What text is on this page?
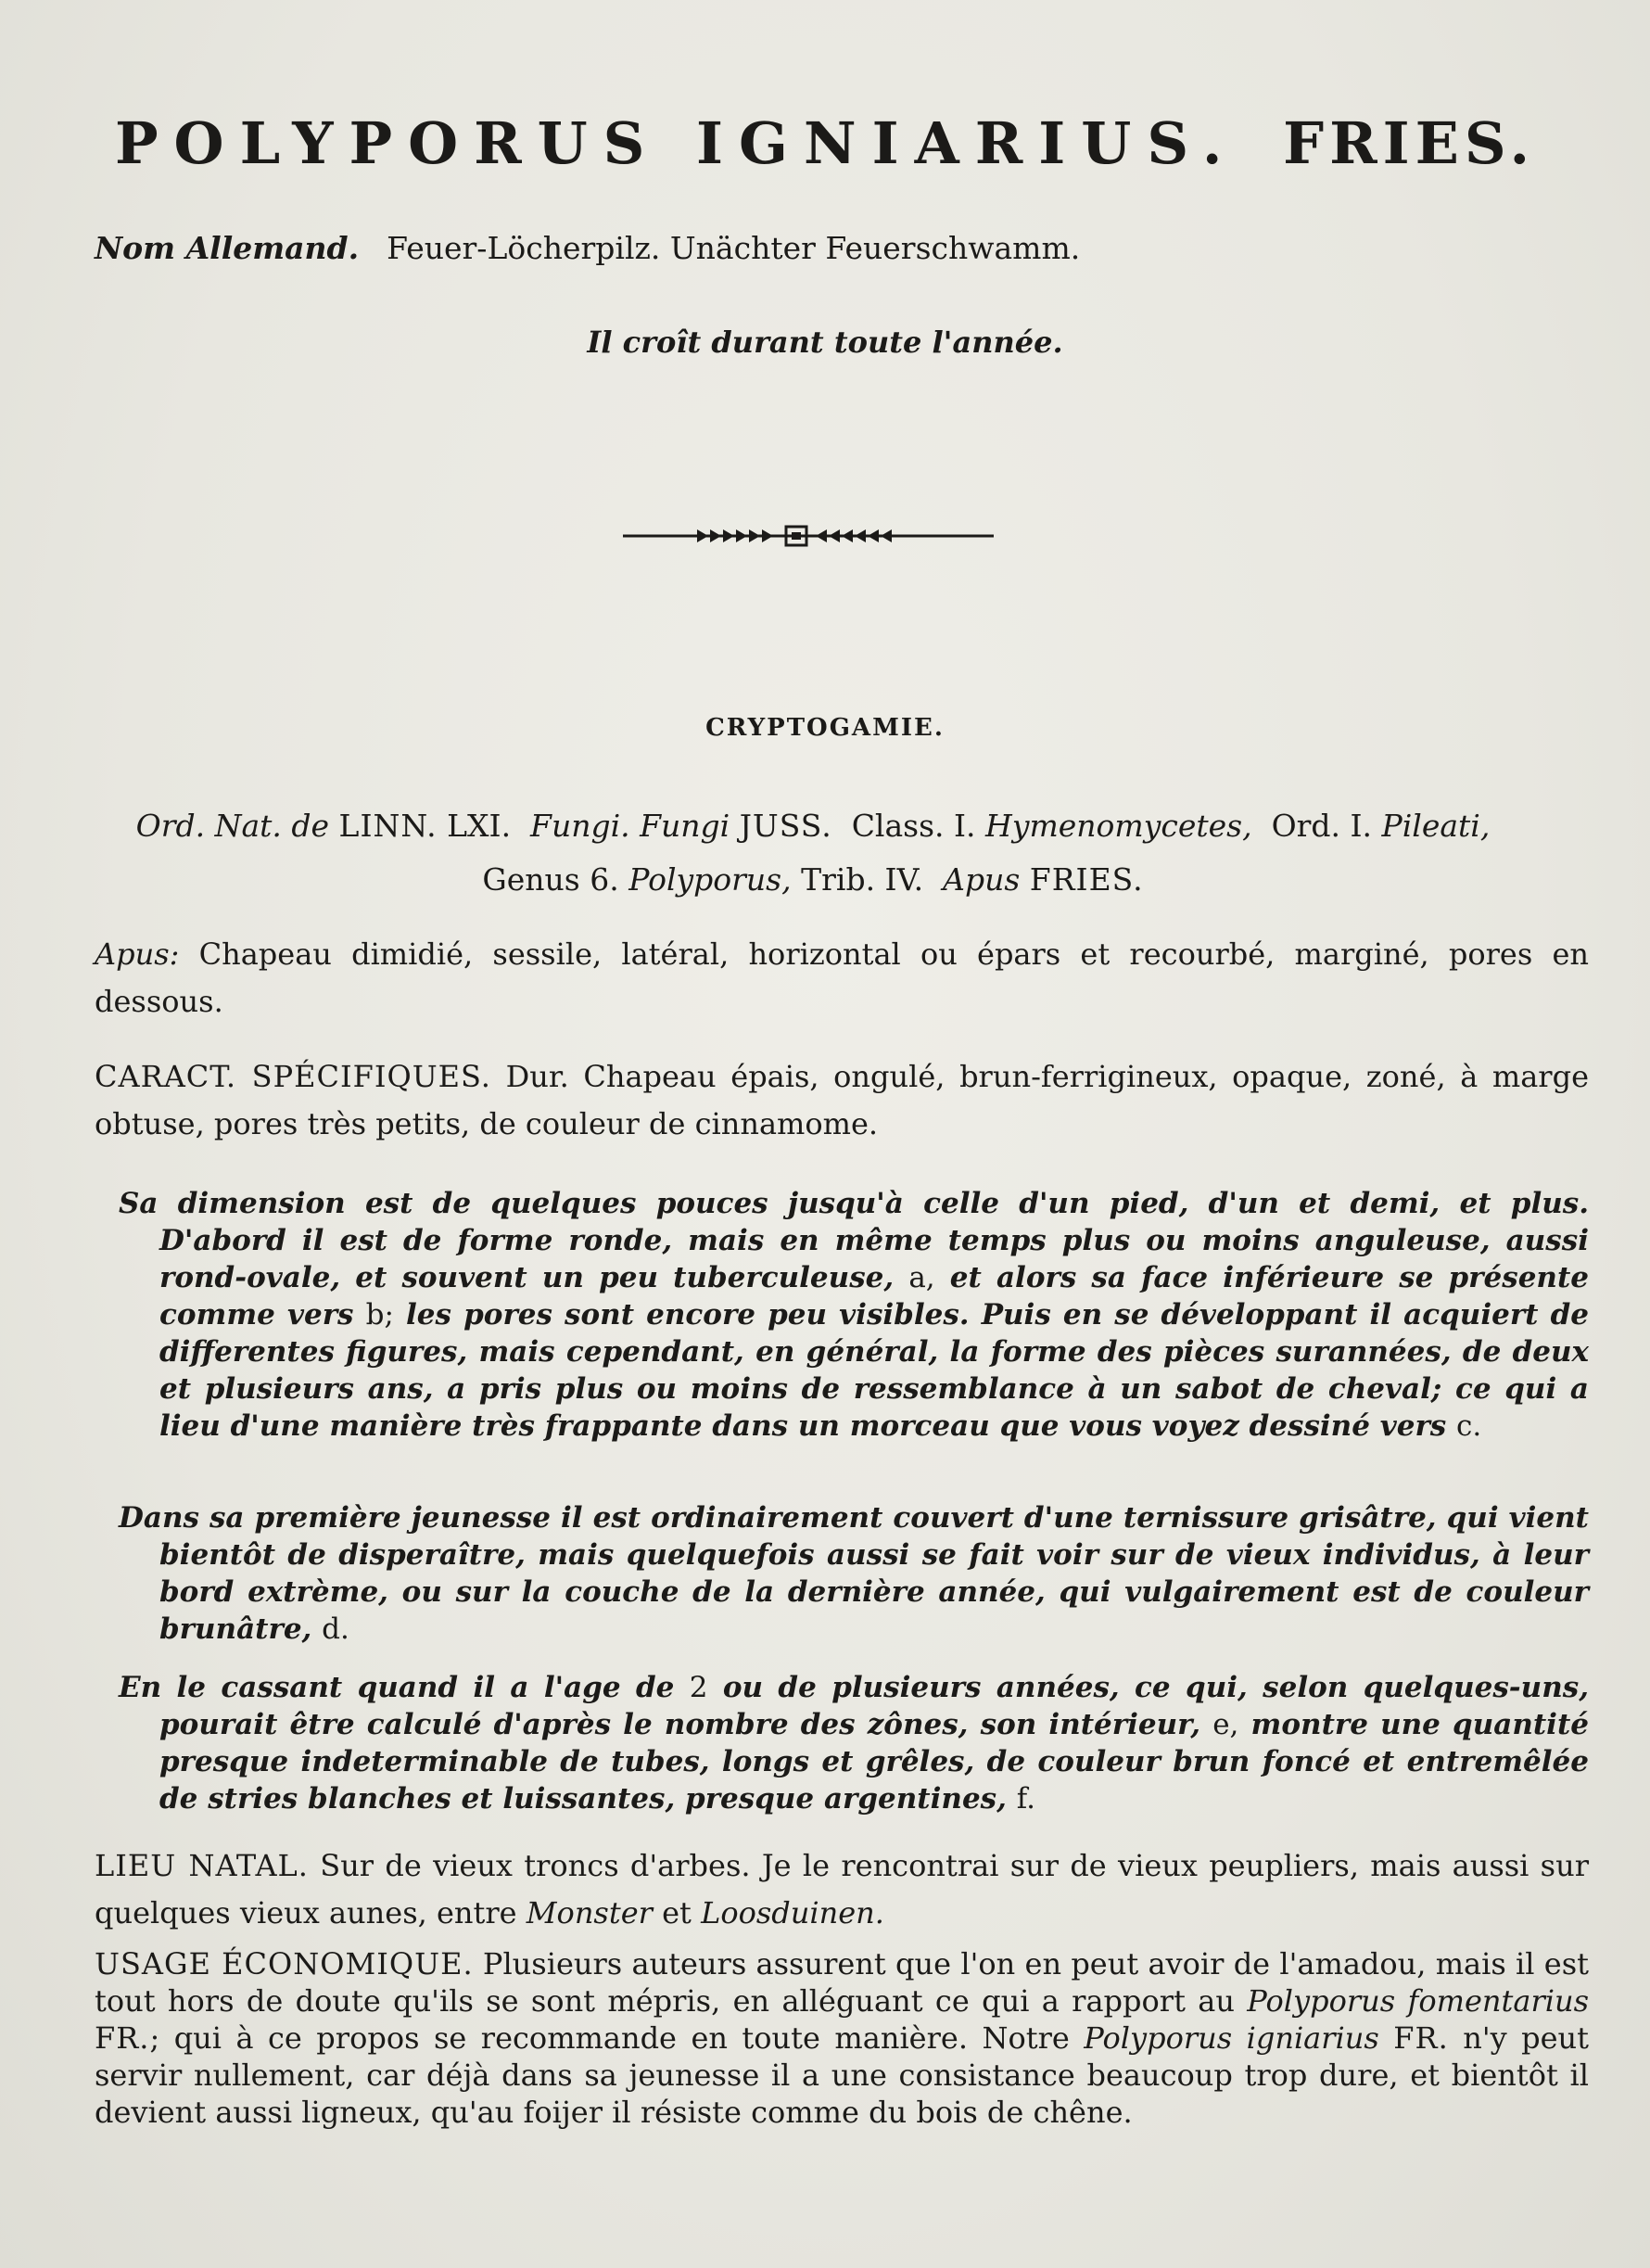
POLYPORUS IGNIARIUS. FRIES.

Nom Allemand. Feuer-Löcherpilz. Unächter Feuerschwamm.

Il croît durant toute l'année.

CRYPTOGAMIE.

Ord. Nat. de LINN. LXI. Fungi. Fungi JUSS. Class. I. Hymenomycetes, Ord. I. Pileati,
Genus 6. Polyporus, Trib. IV. Apus FRIES.

Apus: Chapeau dimidié, sessile, latéral, horizontal ou épars et recourbé, marginé, pores en dessous.

CARACT. SPÉCIFIQUES. Dur. Chapeau épais, ongulé, brun-ferrigineux, opaque, zoné, à marge obtuse, pores très petits, de couleur de cinnamome.

Sa dimension est de quelques pouces jusqu'à celle d'un pied, d'un et demi, et plus. D'abord il est de forme ronde, mais en même temps plus ou moins anguleuse, aussi rond-ovale, et souvent un peu tuberculeuse, a, et alors sa face inférieure se présente comme vers b; les pores sont encore peu visibles. Puis en se développant il acquiert de differentes figures, mais cependant, en général, la forme des pièces surannées, de deux et plusieurs ans, a pris plus ou moins de ressemblance à un sabot de cheval; ce qui a lieu d'une manière très frappante dans un morceau que vous voyez dessiné vers c.

Dans sa première jeunesse il est ordinairement couvert d'une ternissure grisâtre, qui vient bientôt de disperaître, mais quelquefois aussi se fait voir sur de vieux individus, à leur bord extrème, ou sur la couche de la dernière année, qui vulgairement est de couleur brunâtre, d.

En le cassant quand il a l'age de 2 ou de plusieurs années, ce qui, selon quelques-uns, pourait être calculé d'après le nombre des zônes, son intérieur, e, montre une quantité presque indeterminable de tubes, longs et grêles, de couleur brun foncé et entremêlée de stries blanches et luissantes, presque argentines, f.

LIEU NATAL. Sur de vieux troncs d'arbes. Je le rencontrai sur de vieux peupliers, mais aussi sur quelques vieux aunes, entre Monster et Loosduinen.

USAGE ÉCONOMIQUE. Plusieurs auteurs assurent que l'on en peut avoir de l'amadou, mais il est tout hors de doute qu'ils se sont mépris, en alléguant ce qui a rapport au Polyporus fomentarius FR.; qui à ce propos se recommande en toute manière. Notre Polyporus igniarius FR. n'y peut servir nullement, car déjà dans sa jeunesse il a une consistance beaucoup trop dure, et bientôt il devient aussi ligneux, qu'au foijer il résiste comme du bois de chêne.
